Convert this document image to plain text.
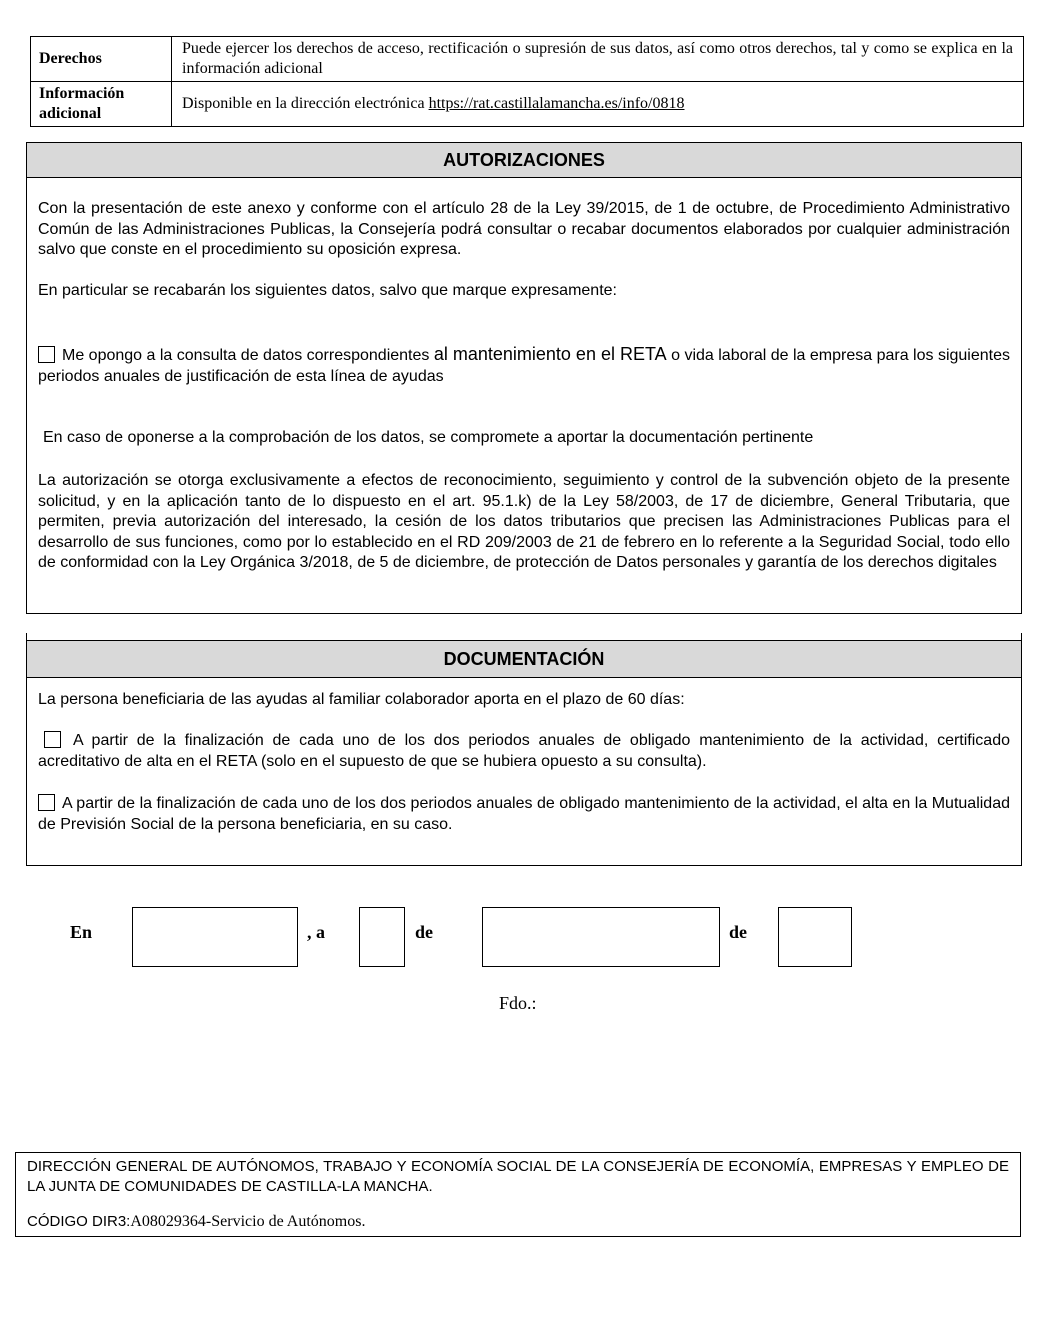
Derechos	Puede ejercer los derechos de acceso, rectificación o supresión de sus datos, así como otros derechos, tal y como se explica en la información adicional
Información adicional	Disponible en la dirección electrónica https://rat.castillalamancha.es/info/0818
AUTORIZACIONES
Con la presentación de este anexo y conforme con el artículo 28 de la Ley 39/2015, de 1 de octubre, de Procedimiento Administrativo Común de las Administraciones Publicas, la Consejería podrá consultar o recabar documentos elaborados por cualquier administración salvo que conste en el procedimiento su oposición expresa.
En particular se recabarán los siguientes datos, salvo que marque expresamente:
Me opongo a la consulta de datos correspondientes al mantenimiento en el RETA o vida laboral de la empresa para los siguientes periodos anuales de justificación de esta línea de ayudas
En caso de oponerse a la comprobación de los datos, se compromete a aportar la documentación pertinente
La autorización se otorga exclusivamente a efectos de reconocimiento, seguimiento y control de la subvención objeto de la presente solicitud, y en la aplicación tanto de lo dispuesto en el art. 95.1.k) de la Ley 58/2003, de 17 de diciembre, General Tributaria, que permiten, previa autorización del interesado, la cesión de los datos tributarios que precisen las Administraciones Publicas para el desarrollo de sus funciones, como por lo establecido en el RD 209/2003 de 21 de febrero en lo referente a la Seguridad Social, todo ello de conformidad con la Ley Orgánica 3/2018, de 5 de diciembre, de protección de Datos personales y garantía de los derechos digitales
DOCUMENTACIÓN
La persona beneficiaria de las ayudas al familiar colaborador aporta en el plazo de 60 días:
A partir de la finalización de cada uno de los dos periodos anuales de obligado mantenimiento de la actividad, certificado acreditativo de alta en el RETA (solo en el supuesto de que se hubiera opuesto a su consulta).
A partir de la finalización de cada uno de los dos periodos anuales de obligado mantenimiento de la actividad, el alta en la Mutualidad de Previsión Social de la persona beneficiaria, en su caso.
En	, a	de	de
Fdo.:
DIRECCIÓN GENERAL DE AUTÓNOMOS, TRABAJO Y ECONOMÍA SOCIAL DE LA CONSEJERÍA DE ECONOMÍA, EMPRESAS Y EMPLEO DE LA JUNTA DE COMUNIDADES DE CASTILLA-LA MANCHA.
CÓDIGO DIR3:A08029364-Servicio de Autónomos.
